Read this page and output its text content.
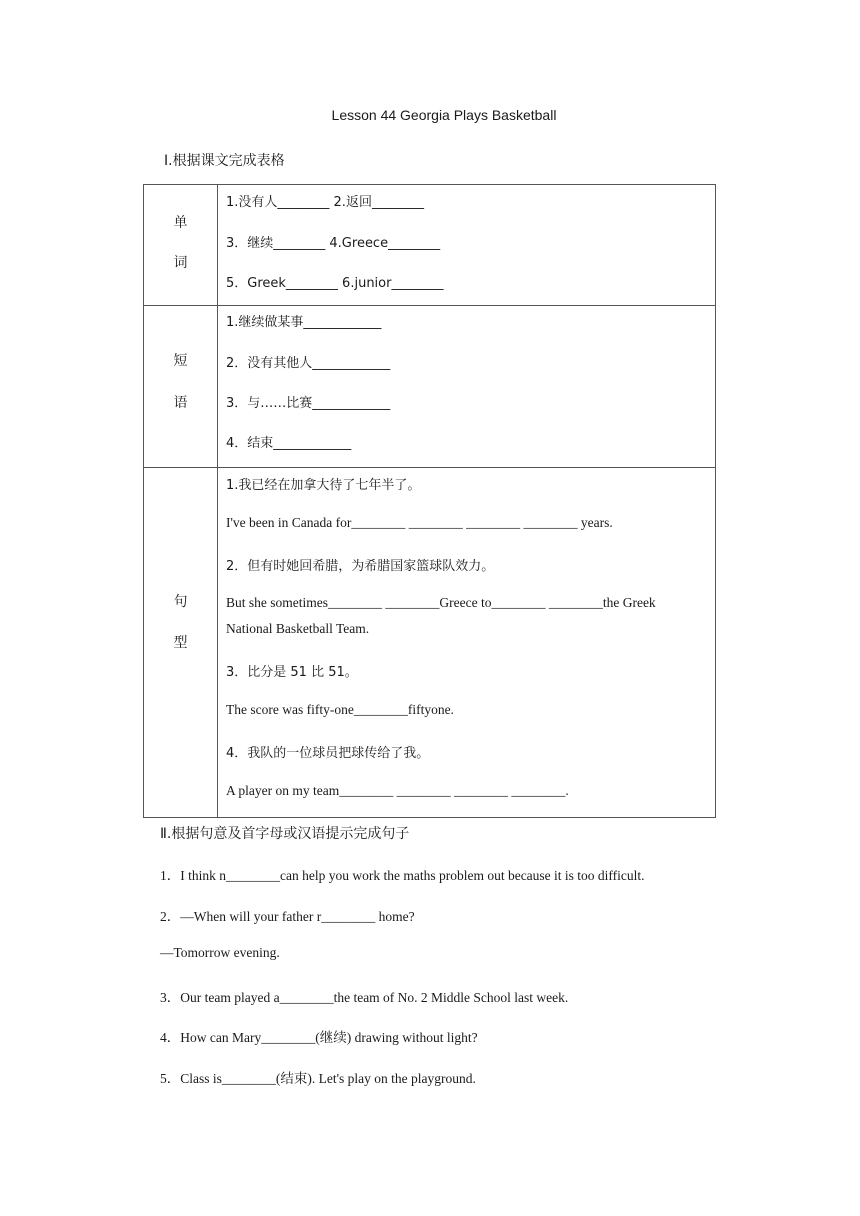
Lesson 44 Georgia Plays Basketball
Ⅰ.根据课文完成表格
单
词
1.没有人________ 2.返回________
3．继续________ 4.Greece________
5．Greek________ 6.junior________
短
语
1.继续做某事____________
2．没有其他人____________
3．与……比赛____________
4．结束____________
句
型
1.我已经在加拿大待了七年半了。
I've been in Canada for________ ________ ________ ________ years.
2．但有时她回希腊，为希腊国家篮球队效力。
But she sometimes________ ________Greece to________ ________the Greek
National Basketball Team.
3．比分是 51 比 51。
The score was fifty-one________fiftyone.
4．我队的一位球员把球传给了我。
A player on my team________ ________ ________ ________.
Ⅱ.根据句意及首字母或汉语提示完成句子
1．I think n________can help you work the maths problem out because it is too difficult.
2．—When will your father r________ home?
—Tomorrow evening.
3．Our team played a________the team of No. 2 Middle School last week.
4．How can Mary________(继续) drawing without light?
5．Class is________(结束). Let's play on the playground.
